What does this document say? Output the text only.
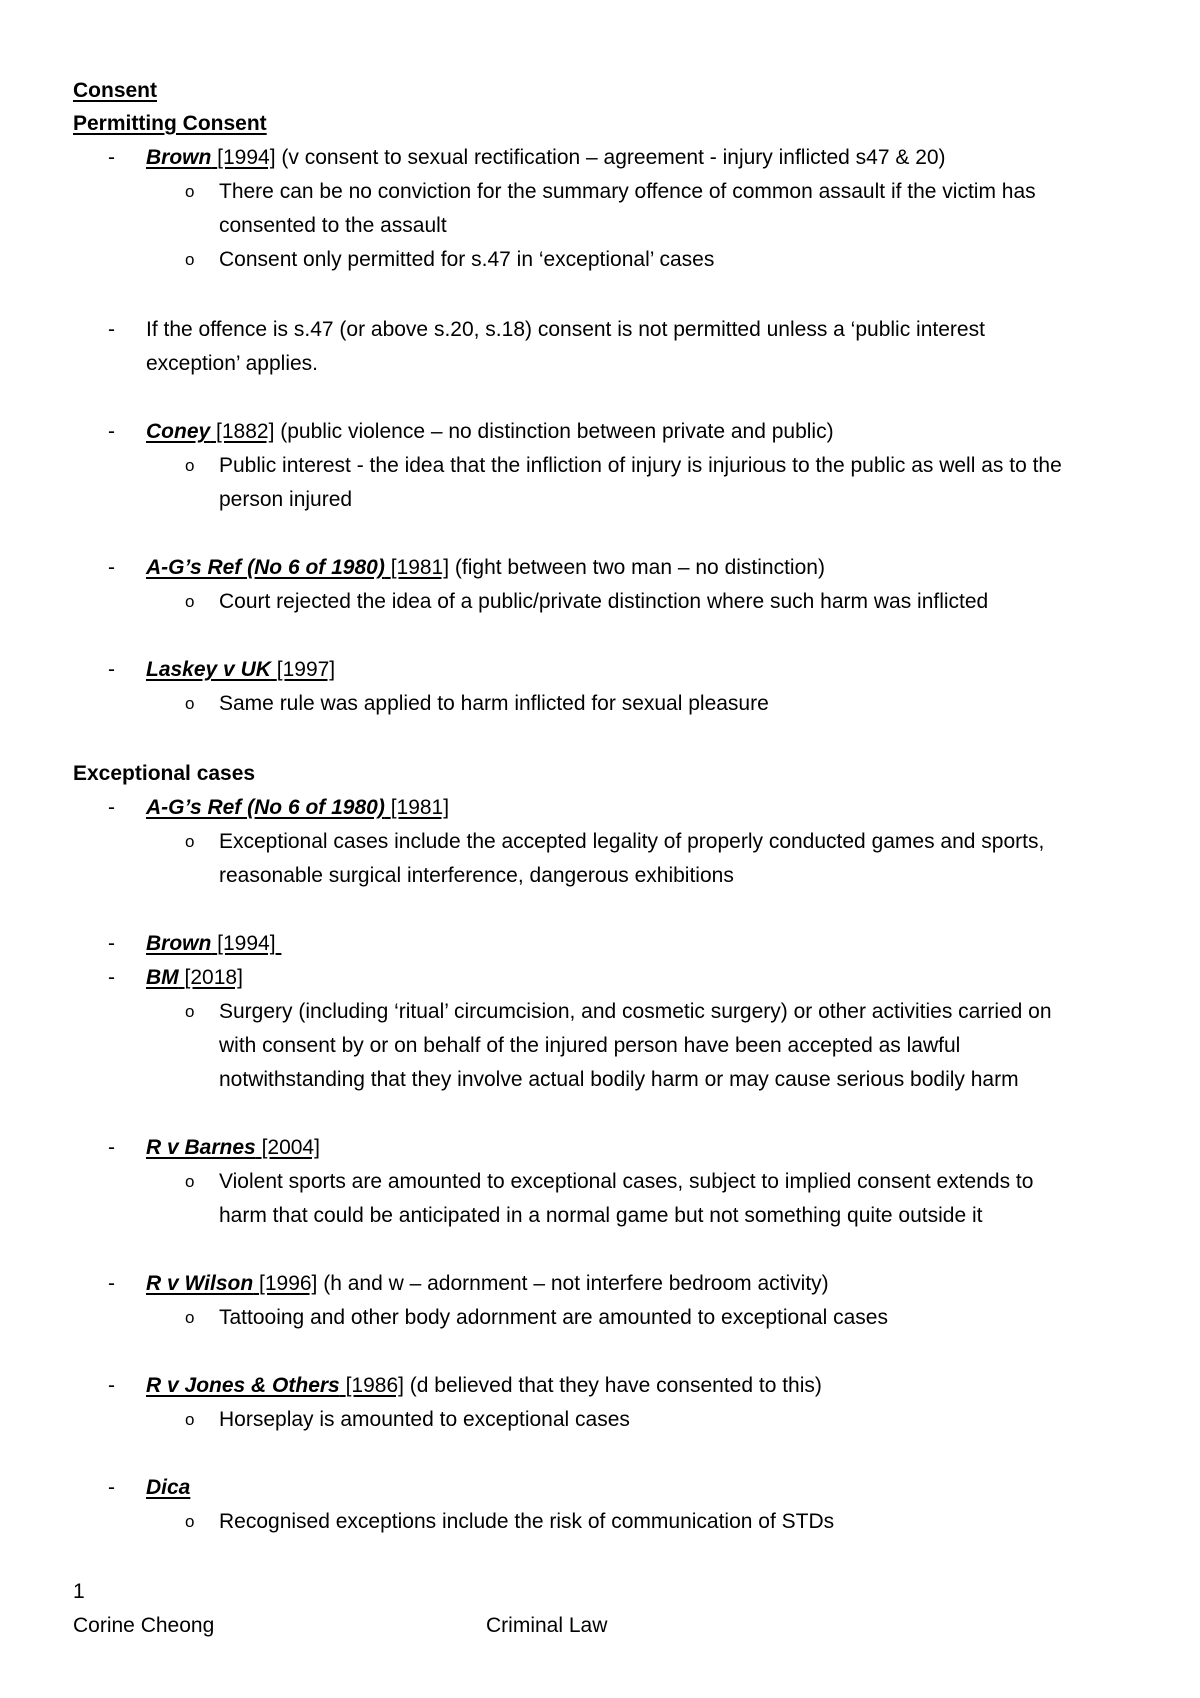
Consent
Permitting Consent
- Brown [1994] (v consent to sexual rectification – agreement - injury inflicted s47 & 20)
o There can be no conviction for the summary offence of common assault if the victim has
consented to the assault
o Consent only permitted for s.47 in ‘exceptional’ cases
- If the offence is s.47 (or above s.20, s.18) consent is not permitted unless a ‘public interest
exception’ applies.
- Coney [1882] (public violence – no distinction between private and public)
o Public interest - the idea that the infliction of injury is injurious to the public as well as to the
person injured
- A-G’s Ref (No 6 of 1980) [1981] (fight between two man – no distinction)
o Court rejected the idea of a public/private distinction where such harm was inflicted
- Laskey v UK [1997]
o Same rule was applied to harm inflicted for sexual pleasure
Exceptional cases
- A-G’s Ref (No 6 of 1980) [1981]
o Exceptional cases include the accepted legality of properly conducted games and sports,
reasonable surgical interference, dangerous exhibitions
- Brown [1994]
- BM [2018]
o Surgery (including ‘ritual’ circumcision, and cosmetic surgery) or other activities carried on
with consent by or on behalf of the injured person have been accepted as lawful
notwithstanding that they involve actual bodily harm or may cause serious bodily harm
- R v Barnes [2004]
o Violent sports are amounted to exceptional cases, subject to implied consent extends to
harm that could be anticipated in a normal game but not something quite outside it
- R v Wilson [1996] (h and w – adornment – not interfere bedroom activity)
o Tattooing and other body adornment are amounted to exceptional cases
- R v Jones & Others [1986] (d believed that they have consented to this)
o Horseplay is amounted to exceptional cases
- Dica
o Recognised exceptions include the risk of communication of STDs
1
Corine Cheong	Criminal Law
